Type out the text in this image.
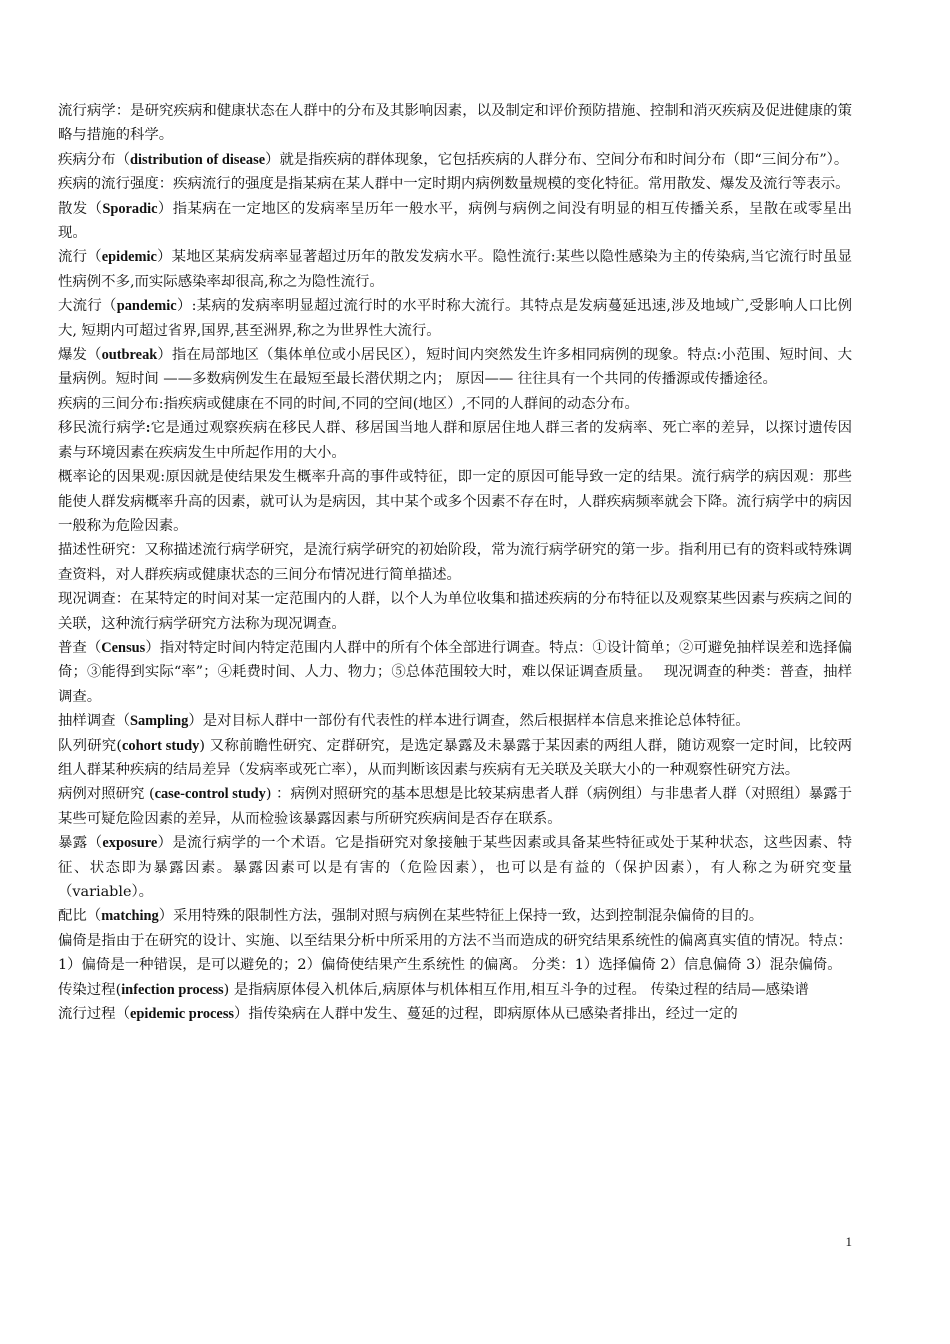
流行病学：是研究疾病和健康状态在人群中的分布及其影响因素，以及制定和评价预防措施、控制和消灭疾病及促进健康的策略与措施的科学。

疾病分布（distribution of disease）就是指疾病的群体现象，它包括疾病的人群分布、空间分布和时间分布（即“三间分布”）。

疾病的流行强度：疾病流行的强度是指某病在某人群中一定时期内病例数量规模的变化特征。常用散发、爆发及流行等表示。

散发（Sporadic）指某病在一定地区的发病率呈历年一般水平，病例与病例之间没有明显的相互传播关系，呈散在或零星出现。

流行（epidemic）某地区某病发病率显著超过历年的散发发病水平。隐性流行:某些以隐性感染为主的传染病,当它流行时虽显性病例不多,而实际感染率却很高,称之为隐性流行。

大流行（pandemic）:某病的发病率明显超过流行时的水平时称大流行。其特点是发病蔓延迅速,涉及地域广,受影响人口比例大, 短期内可超过省界,国界,甚至洲界,称之为世界性大流行。

爆发（outbreak）指在局部地区（集体单位或小居民区），短时间内突然发生许多相同病例的现象。特点:小范围、短时间、大量病例。短时间 ——多数病例发生在最短至最长潜伏期之内； 原因—— 往往具有一个共同的传播源或传播途径。

疾病的三间分布:指疾病或健康在不同的时间,不同的空间(地区）,不同的人群间的动态分布。

移民流行病学:它是通过观察疾病在移民人群、移居国当地人群和原居住地人群三者的发病率、死亡率的差异，以探讨遗传因素与环境因素在疾病发生中所起作用的大小。

概率论的因果观:原因就是使结果发生概率升高的事件或特征，即一定的原因可能导致一定的结果。流行病学的病因观：那些能使人群发病概率升高的因素，就可认为是病因，其中某个或多个因素不存在时，人群疾病频率就会下降。流行病学中的病因一般称为危险因素。

描述性研究：又称描述流行病学研究，是流行病学研究的初始阶段，常为流行病学研究的第一步。指利用已有的资料或特殊调查资料，对人群疾病或健康状态的三间分布情况进行简单描述。

现况调查：在某特定的时间对某一定范围内的人群，以个人为单位收集和描述疾病的分布特征以及观察某些因素与疾病之间的关联，这种流行病学研究方法称为现况调查。

普查（Census）指对特定时间内特定范围内人群中的所有个体全部进行调查。特点：①设计简单；②可避免抽样误差和选择偏倚；③能得到实际“率”；④耗费时间、人力、物力；⑤总体范围较大时，难以保证调查质量。　 现况调查的种类：普查，抽样调查。

抽样调查（Sampling）是对目标人群中一部份有代表性的样本进行调查，然后根据样本信息来推论总体特征。

队列研究(cohort study) 又称前瞻性研究、定群研究，是选定暴露及未暴露于某因素的两组人群，随访观察一定时间，比较两组人群某种疾病的结局差异（发病率或死亡率），从而判断该因素与疾病有无关联及关联大小的一种观察性研究方法。

病例对照研究 (case-control study) ：病例对照研究的基本思想是比较某病患者人群（病例组）与非患者人群（对照组）暴露于某些可疑危险因素的差异，从而检验该暴露因素与所研究疾病间是否存在联系。

暴露（exposure）是流行病学的一个术语。它是指研究对象接触于某些因素或具备某些特征或处于某种状态，这些因素、特征、状态即为暴露因素。暴露因素可以是有害的（危险因素），也可以是有益的（保护因素），有人称之为研究变量（variable）。

配比（matching）采用特殊的限制性方法，强制对照与病例在某些特征上保持一致，达到控制混杂偏倚的目的。

偏倚是指由于在研究的设计、实施、以至结果分析中所采用的方法不当而造成的研究结果系统性的偏离真实值的情况。特点： 1）偏倚是一种错误，是可以避免的；2）偏倚使结果产生系统性 的偏离。 分类：1）选择偏倚 2）信息偏倚 3）混杂偏倚。

传染过程(infection process) 是指病原体侵入机体后,病原体与机体相互作用,相互斗争的过程。 传染过程的结局—感染谱

流行过程（epidemic process）指传染病在人群中发生、蔓延的过程，即病原体从已感染者排出，经过一定的

1
